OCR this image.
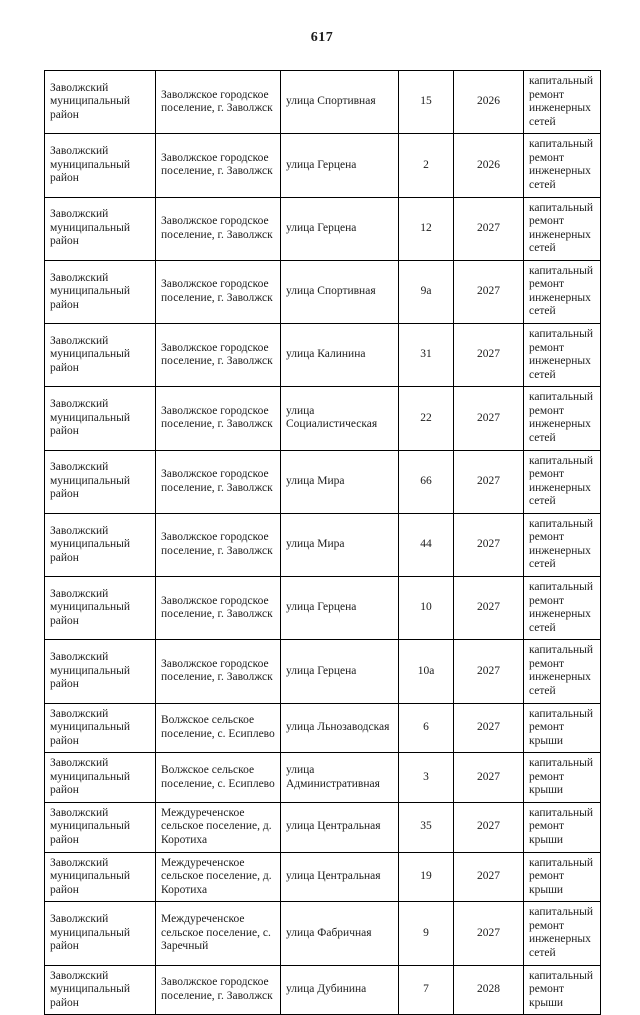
617
Заволжский муниципальный район	Заволжское городское поселение, г. Заволжск	улица Спортивная	15	2026	капитальный ремонт инженерных сетей
Заволжский муниципальный район	Заволжское городское поселение, г. Заволжск	улица Герцена	2	2026	капитальный ремонт инженерных сетей
Заволжский муниципальный район	Заволжское городское поселение, г. Заволжск	улица Герцена	12	2027	капитальный ремонт инженерных сетей
Заволжский муниципальный район	Заволжское городское поселение, г. Заволжск	улица Спортивная	9а	2027	капитальный ремонт инженерных сетей
Заволжский муниципальный район	Заволжское городское поселение, г. Заволжск	улица Калинина	31	2027	капитальный ремонт инженерных сетей
Заволжский муниципальный район	Заволжское городское поселение, г. Заволжск	улица Социалистическая	22	2027	капитальный ремонт инженерных сетей
Заволжский муниципальный район	Заволжское городское поселение, г. Заволжск	улица Мира	66	2027	капитальный ремонт инженерных сетей
Заволжский муниципальный район	Заволжское городское поселение, г. Заволжск	улица Мира	44	2027	капитальный ремонт инженерных сетей
Заволжский муниципальный район	Заволжское городское поселение, г. Заволжск	улица Герцена	10	2027	капитальный ремонт инженерных сетей
Заволжский муниципальный район	Заволжское городское поселение, г. Заволжск	улица Герцена	10а	2027	капитальный ремонт инженерных сетей
Заволжский муниципальный район	Волжское сельское поселение, с. Есиплево	улица Льнозаводская	6	2027	капитальный ремонт крыши
Заволжский муниципальный район	Волжское сельское поселение, с. Есиплево	улица Административная	3	2027	капитальный ремонт крыши
Заволжский муниципальный район	Междуреченское сельское поселение, д. Коротиха	улица Центральная	35	2027	капитальный ремонт крыши
Заволжский муниципальный район	Междуреченское сельское поселение, д. Коротиха	улица Центральная	19	2027	капитальный ремонт крыши
Заволжский муниципальный район	Междуреченское сельское поселение, с. Заречный	улица Фабричная	9	2027	капитальный ремонт инженерных сетей
Заволжский муниципальный район	Заволжское городское поселение, г. Заволжск	улица Дубинина	7	2028	капитальный ремонт крыши
